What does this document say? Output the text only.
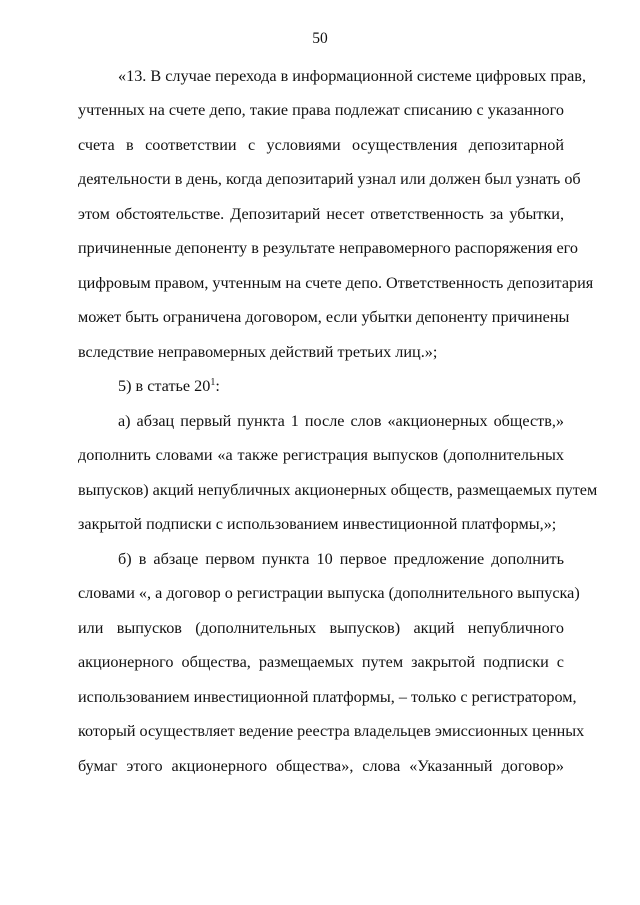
50
«13. В случае перехода в информационной системе цифровых прав,
учтенных на счете депо, такие права подлежат списанию с указанного
счета в соответствии с условиями осуществления депозитарной
деятельности в день, когда депозитарий узнал или должен был узнать об
этом обстоятельстве. Депозитарий несет ответственность за убытки,
причиненные депоненту в результате неправомерного распоряжения его
цифровым правом, учтенным на счете депо. Ответственность депозитария
может быть ограничена договором, если убытки депоненту причинены
вследствие неправомерных действий третьих лиц.»;
5) в статье $20^1$:
а) абзац первый пункта 1 после слов «акционерных обществ,»
дополнить словами «а также регистрация выпусков (дополнительных
выпусков) акций непубличных акционерных обществ, размещаемых путем
закрытой подписки с использованием инвестиционной платформы,»;
б) в абзаце первом пункта 10 первое предложение дополнить
словами «, а договор о регистрации выпуска (дополнительного выпуска)
или выпусков (дополнительных выпусков) акций непубличного
акционерного общества, размещаемых путем закрытой подписки с
использованием инвестиционной платформы, – только с регистратором,
который осуществляет ведение реестра владельцев эмиссионных ценных
бумаг этого акционерного общества», слова «Указанный договор»
